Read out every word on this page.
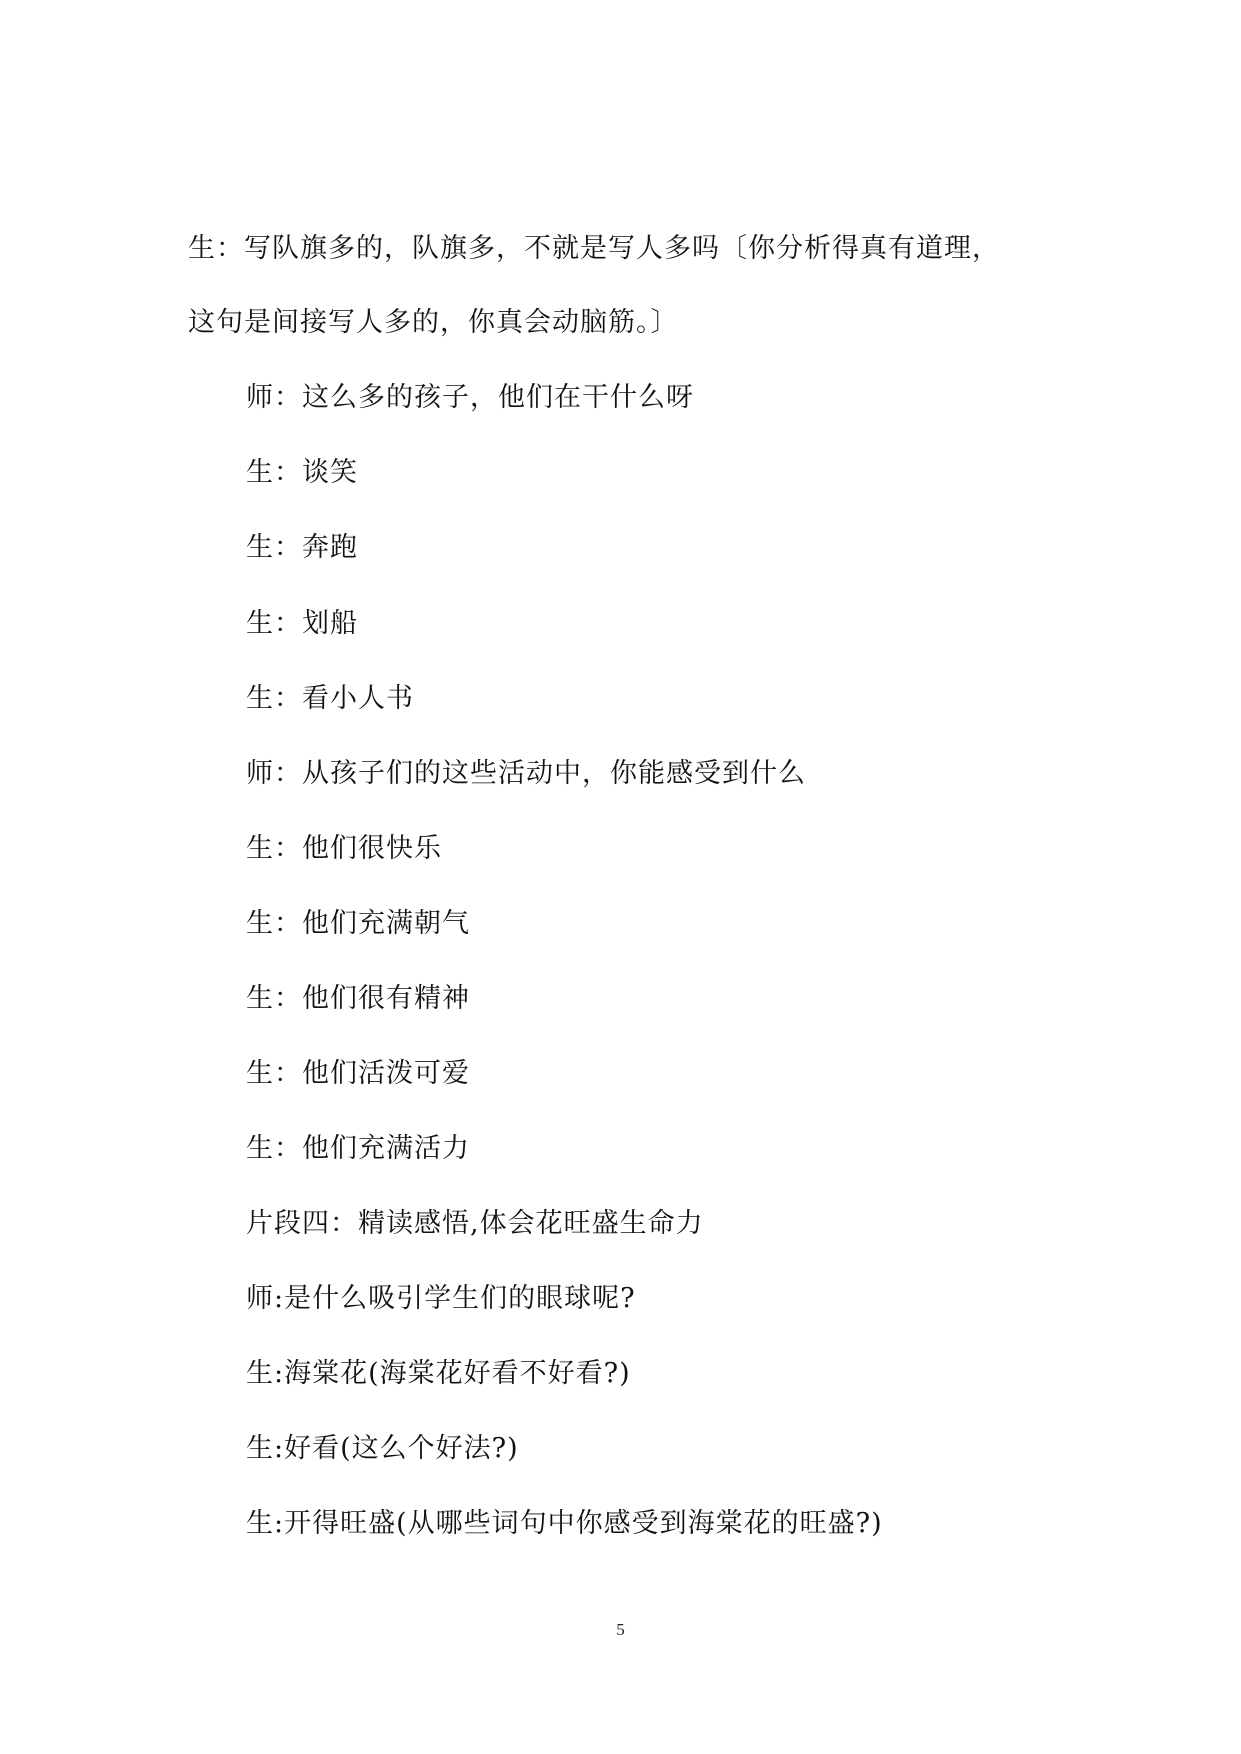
生：写队旗多的，队旗多，不就是写人多吗〔你分析得真有道理，
这句是间接写人多的，你真会动脑筋。〕
师：这么多的孩子，他们在干什么呀
生：谈笑
生：奔跑
生：划船
生：看小人书
师：从孩子们的这些活动中，你能感受到什么
生：他们很快乐
生：他们充满朝气
生：他们很有精神
生：他们活泼可爱
生：他们充满活力
片段四：精读感悟,体会花旺盛生命力
师:是什么吸引学生们的眼球呢?
生:海棠花(海棠花好看不好看?)
生:好看(这么个好法?)
生:开得旺盛(从哪些词句中你感受到海棠花的旺盛?)
5
